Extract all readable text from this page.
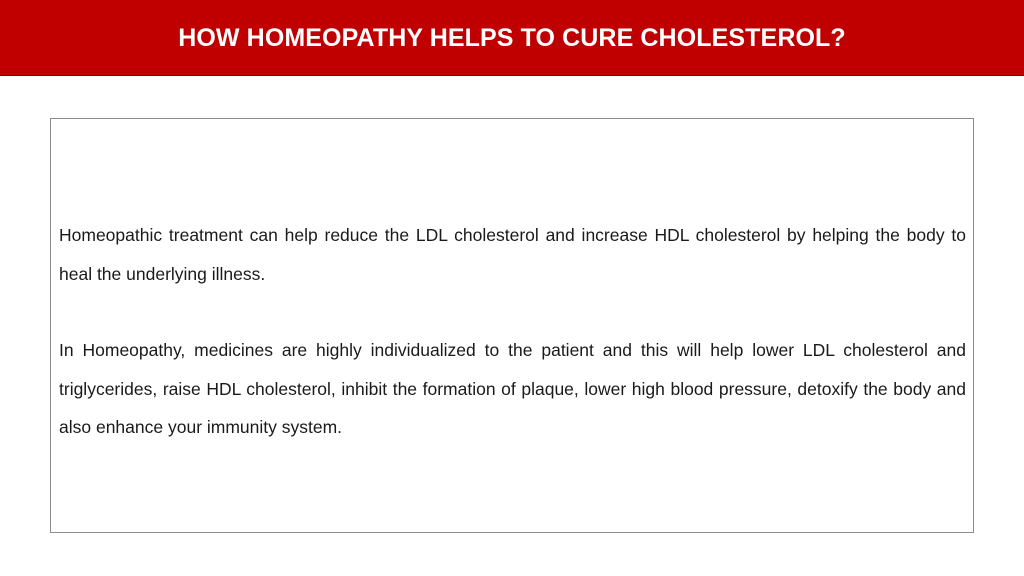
HOW HOMEOPATHY HELPS TO CURE CHOLESTEROL?

Homeopathic treatment can help reduce the LDL cholesterol and increase HDL cholesterol by helping the body to heal the underlying illness.

In Homeopathy, medicines are highly individualized to the patient and this will help lower LDL cholesterol and triglycerides, raise HDL cholesterol, inhibit the formation of plaque, lower high blood pressure, detoxify the body and also enhance your immunity system.
